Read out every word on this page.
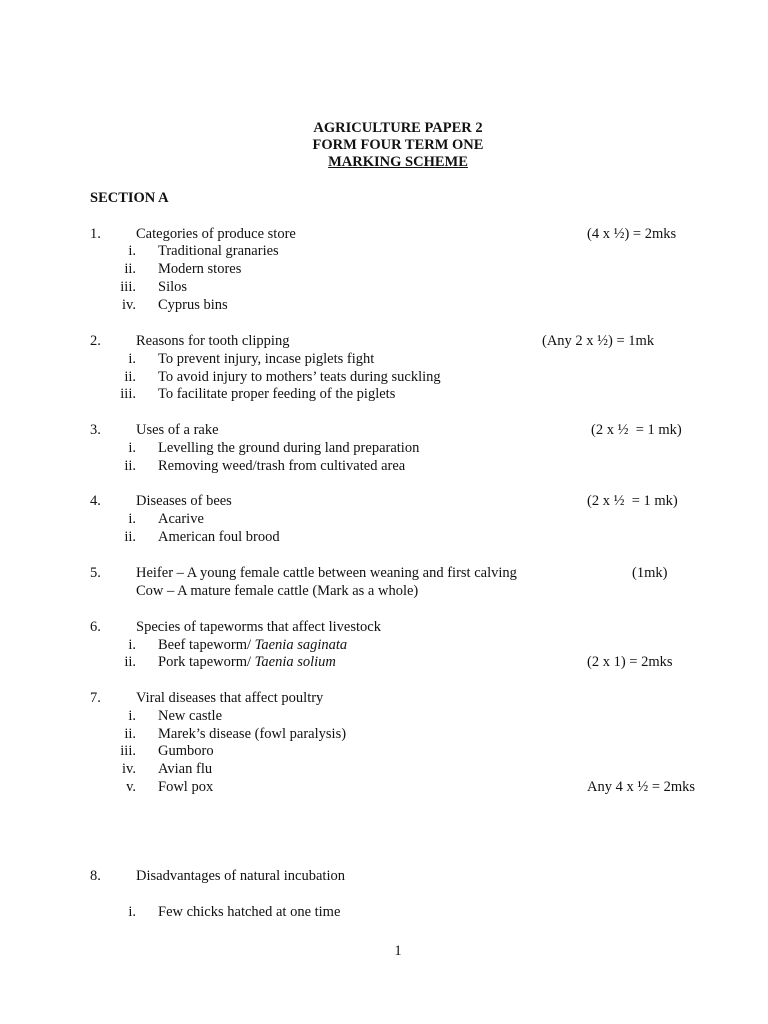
AGRICULTURE PAPER 2
FORM FOUR TERM ONE
MARKING SCHEME
SECTION A
1. Categories of produce store	(4 x ½) = 2mks
i. Traditional granaries
ii. Modern stores
iii. Silos
iv. Cyprus bins
2. Reasons for tooth clipping	(Any 2 x ½) = 1mk
i. To prevent injury, incase piglets fight
ii. To avoid injury to mothers’ teats during suckling
iii. To facilitate proper feeding of the piglets
3. Uses of a rake	(2 x ½  = 1 mk)
i. Levelling the ground during land preparation
ii. Removing weed/trash from cultivated area
4. Diseases of bees	(2 x ½  = 1 mk)
i. Acarive
ii. American foul brood
5. Heifer – A young female cattle between weaning and first calving	(1mk)
Cow – A mature female cattle (Mark as a whole)
6. Species of tapeworms that affect livestock
i. Beef tapeworm/ Taenia saginata
ii. Pork tapeworm/ Taenia solium	(2 x 1) = 2mks
7. Viral diseases that affect poultry
i. New castle
ii. Marek’s disease (fowl paralysis)
iii. Gumboro
iv. Avian flu
v. Fowl pox	Any 4 x ½ = 2mks
8. Disadvantages of natural incubation
i. Few chicks hatched at one time
1
